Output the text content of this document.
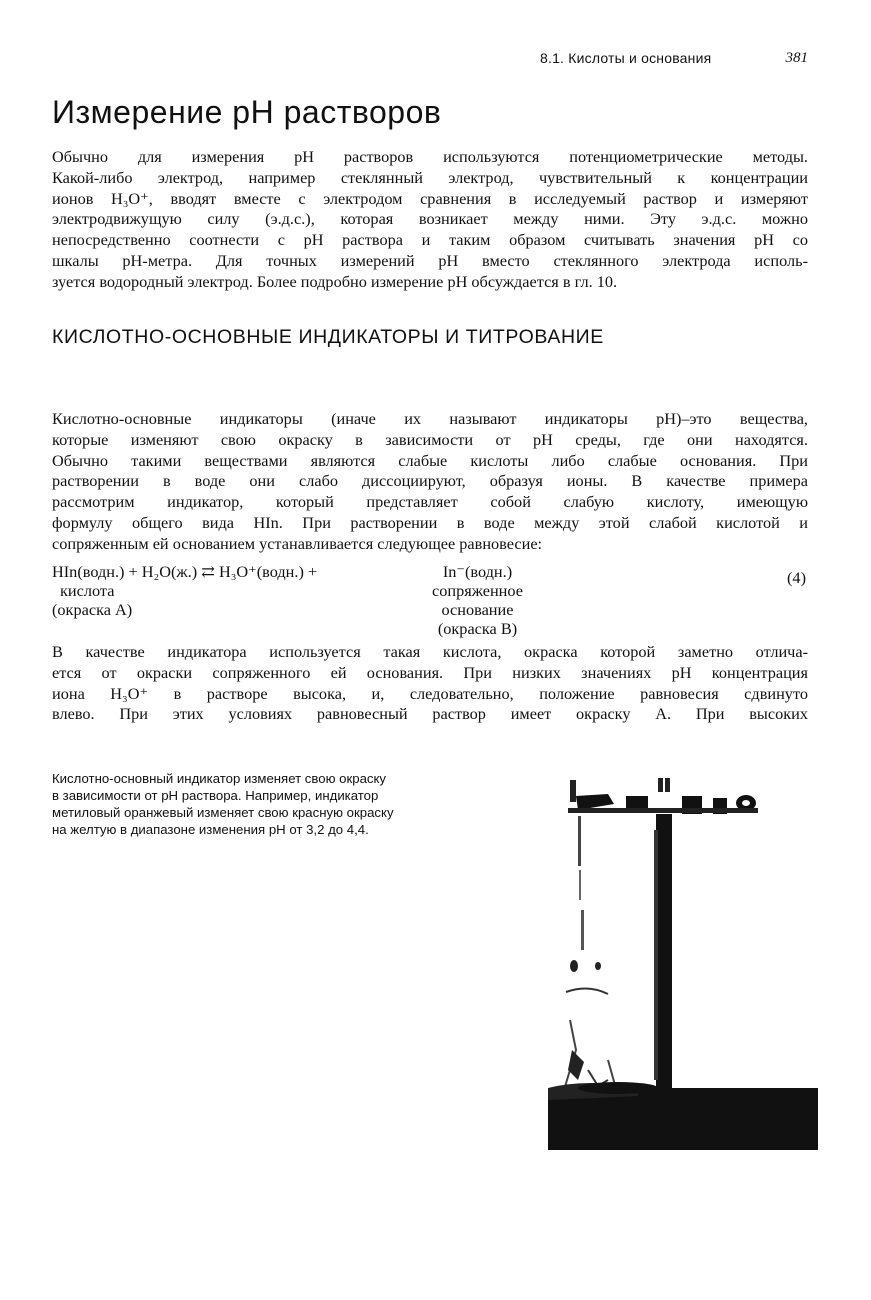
8.1. Кислоты и основания	381
Измерение pH растворов
Обычно для измерения pH растворов используются потенциометрические методы.
Какой-либо электрод, например стеклянный электрод, чувствительный к концентрации
ионов H₃O⁺, вводят вместе с электродом сравнения в исследуемый раствор и измеряют
электродвижущую силу (э.д.с.), которая возникает между ними. Эту э.д.с. можно
непосредственно соотнести с pH раствора и таким образом считывать значения pH со
шкалы pH-метра. Для точных измерений pH вместо стеклянного электрода исполь-
зуется водородный электрод. Более подробно измерение pH обсуждается в гл. 10.
КИСЛОТНО-ОСНОВНЫЕ ИНДИКАТОРЫ И ТИТРОВАНИЕ
Кислотно-основные индикаторы (иначе их называют индикаторы pH)–это вещества,
которые изменяют свою окраску в зависимости от pH среды, где они находятся.
Обычно такими веществами являются слабые кислоты либо слабые основания. При
растворении в воде они слабо диссоциируют, образуя ионы. В качестве примера
рассмотрим индикатор, который представляет собой слабую кислоту, имеющую
формулу общего вида HIn. При растворении в воде между этой слабой кислотой и
сопряженным ей основанием устанавливается следующее равновесие:
HIn(водн.) + H₂O(ж.) ⇄ H₃O⁺(водн.) +
кислота
(окраска A)
In⁻(водн.)
сопряженное
основание
(окраска B)
(4)
В качестве индикатора используется такая кислота, окраска которой заметно отлича-
ется от окраски сопряженного ей основания. При низких значениях pH концентрация
иона H₃O⁺ в растворе высока, и, следовательно, положение равновесия сдвинуто
влево. При этих условиях равновесный раствор имеет окраску A. При высоких
Кислотно-основный индикатор изменяет свою окраску
в зависимости от pH раствора. Например, индикатор
метиловый оранжевый изменяет свою красную окраску
на желтую в диапазоне изменения pH от 3,2 до 4,4.
